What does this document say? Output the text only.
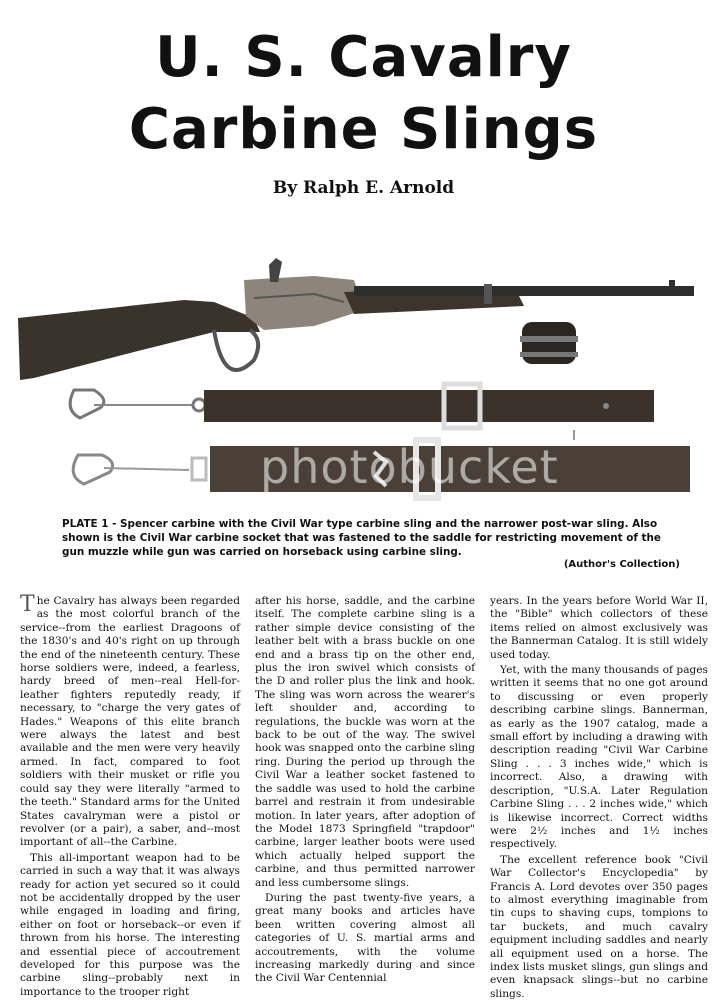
U. S. Cavalry
Carbine Slings
By Ralph E. Arnold
photobucket
PLATE 1 - Spencer carbine with the Civil War type carbine sling and the narrower post-war sling. Also shown is the Civil War carbine socket that was fastened to the saddle for restricting movement of the gun muzzle while gun was carried on horseback using carbine sling.
(Author's Collection)

The Cavalry has always been regarded as the most colorful branch of the service--from the earliest Dragoons of the 1830's and 40's right on up through the end of the nineteenth century. These horse soldiers were, indeed, a fearless, hardy breed of men--real Hell-for-leather fighters reputedly ready, if necessary, to "charge the very gates of Hades." Weapons of this elite branch were always the latest and best available and the men were very heavily armed. In fact, compared to foot soldiers with their musket or rifle you could say they were literally "armed to the teeth." Standard arms for the United States cavalryman were a pistol or revolver (or a pair), a saber, and--most important of all--the Carbine.

This all-important weapon had to be carried in such a way that it was always ready for action yet secured so it could not be accidentally dropped by the user while engaged in loading and firing, either on foot or horseback--or even if thrown from his horse. The interesting and essential piece of accoutrement developed for this purpose was the carbine sling--probably next in importance to the trooper right

after his horse, saddle, and the carbine itself. The complete carbine sling is a rather simple device consisting of the leather belt with a brass buckle on one end and a brass tip on the other end, plus the iron swivel which consists of the D and roller plus the link and hook. The sling was worn across the wearer's left shoulder and, according to regulations, the buckle was worn at the back to be out of the way. The swivel hook was snapped onto the carbine sling ring. During the period up through the Civil War a leather socket fastened to the saddle was used to hold the carbine barrel and restrain it from undesirable motion. In later years, after adoption of the Model 1873 Springfield "trapdoor" carbine, larger leather boots were used which actually helped support the carbine, and thus permitted narrower and less cumbersome slings.

During the past twenty-five years, a great many books and articles have been written covering almost all categories of U. S. martial arms and accoutrements, with the volume increasing markedly during and since the Civil War Centennial

years. In the years before World War II, the "Bible" which collectors of these items relied on almost exclusively was the Bannerman Catalog. It is still widely used today.

Yet, with the many thousands of pages written it seems that no one got around to discussing or even properly describing carbine slings. Bannerman, as early as the 1907 catalog, made a small effort by including a drawing with description reading "Civil War Carbine Sling . . . 3 inches wide," which is incorrect. Also, a drawing with description, "U.S.A. Later Regulation Carbine Sling . . . 2 inches wide," which is likewise incorrect. Correct widths were 2½ inches and 1½ inches respectively.

The excellent reference book "Civil War Collector's Encyclopedia" by Francis A. Lord devotes over 350 pages to almost everything imaginable from tin cups to shaving cups, tompions to tar buckets, and much cavalry equipment including saddles and nearly all equipment used on a horse. The index lists musket slings, gun slings and even knapsack slings--but no carbine slings.
